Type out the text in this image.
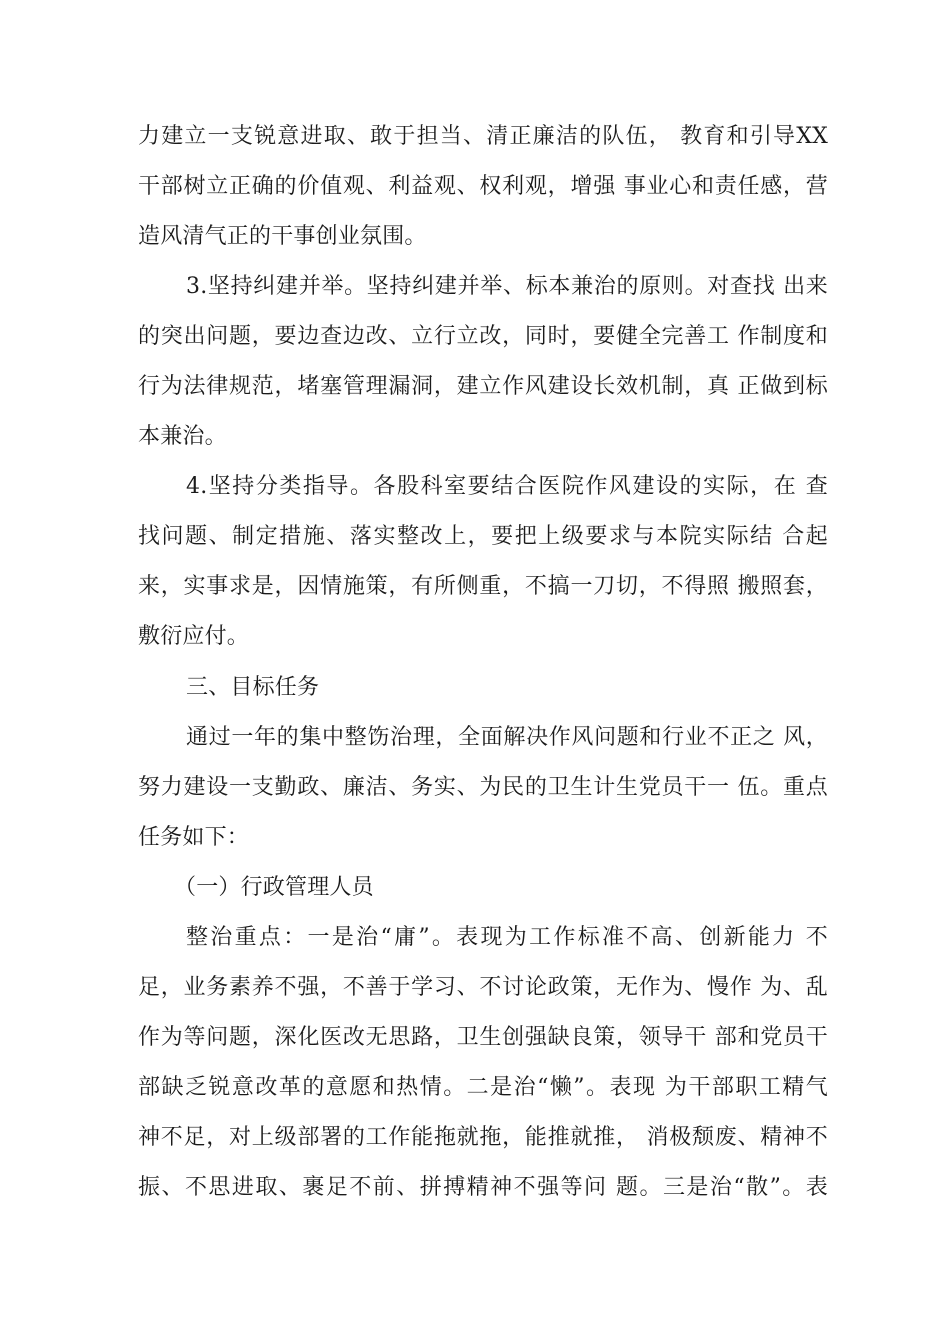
力建立一支锐意进取、敢于担当、清正廉洁的队伍， 教育和引导XX
干部树立正确的价值观、利益观、权利观，增强 事业心和责任感，营
造风清气正的干事创业氛围。
3.坚持纠建并举。坚持纠建并举、标本兼治的原则。对查找 出来
的突出问题，要边查边改、立行立改，同时，要健全完善工 作制度和
行为法律规范，堵塞管理漏洞，建立作风建设长效机制，真 正做到标
本兼治。
4.坚持分类指导。各股科室要结合医院作风建设的实际，在 查
找问题、制定措施、落实整改上，要把上级要求与本院实际结 合起
来，实事求是，因情施策，有所侧重，不搞一刀切，不得照 搬照套，
敷衍应付。
三、目标任务
通过一年的集中整饬治理，全面解决作风问题和行业不正之 风，
努力建设一支勤政、廉洁、务实、为民的卫生计生党员干一 伍。重点
任务如下：
（一）行政管理人员
整治重点：一是治“庸”。表现为工作标准不高、创新能力 不
足，业务素养不强，不善于学习、不讨论政策，无作为、慢作 为、乱
作为等问题，深化医改无思路，卫生创强缺良策，领导干 部和党员干
部缺乏锐意改革的意愿和热情。二是治“懒”。表现 为干部职工精气
神不足，对上级部署的工作能拖就拖，能推就推， 消极颓废、精神不
振、不思进取、裹足不前、拼搏精神不强等问 题。三是治“散”。表
